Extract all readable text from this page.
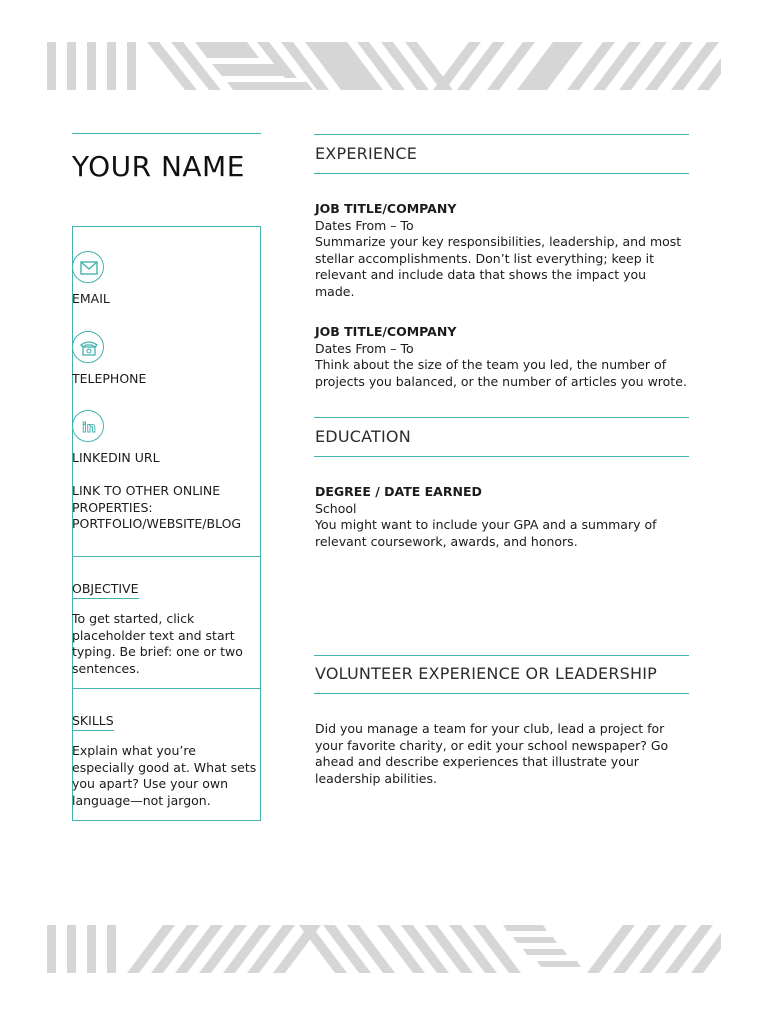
YOUR NAME
EMAIL
TELEPHONE
in
LINKEDIN URL
LINK TO OTHER ONLINE
PROPERTIES:
PORTFOLIO/WEBSITE/BLOG
OBJECTIVE
To get started, click
placeholder text and start
typing. Be brief: one or two
sentences.
SKILLS
Explain what you’re
especially good at. What sets
you apart? Use your own
language—not jargon.
EXPERIENCE
JOB TITLE/COMPANY
Dates From – To
Summarize your key responsibilities, leadership, and most
stellar accomplishments. Don’t list everything; keep it
relevant and include data that shows the impact you
made.
JOB TITLE/COMPANY
Dates From – To
Think about the size of the team you led, the number of
projects you balanced, or the number of articles you wrote.
EDUCATION
DEGREE / DATE EARNED
School
You might want to include your GPA and a summary of
relevant coursework, awards, and honors.
VOLUNTEER EXPERIENCE OR LEADERSHIP
Did you manage a team for your club, lead a project for
your favorite charity, or edit your school newspaper? Go
ahead and describe experiences that illustrate your
leadership abilities.
